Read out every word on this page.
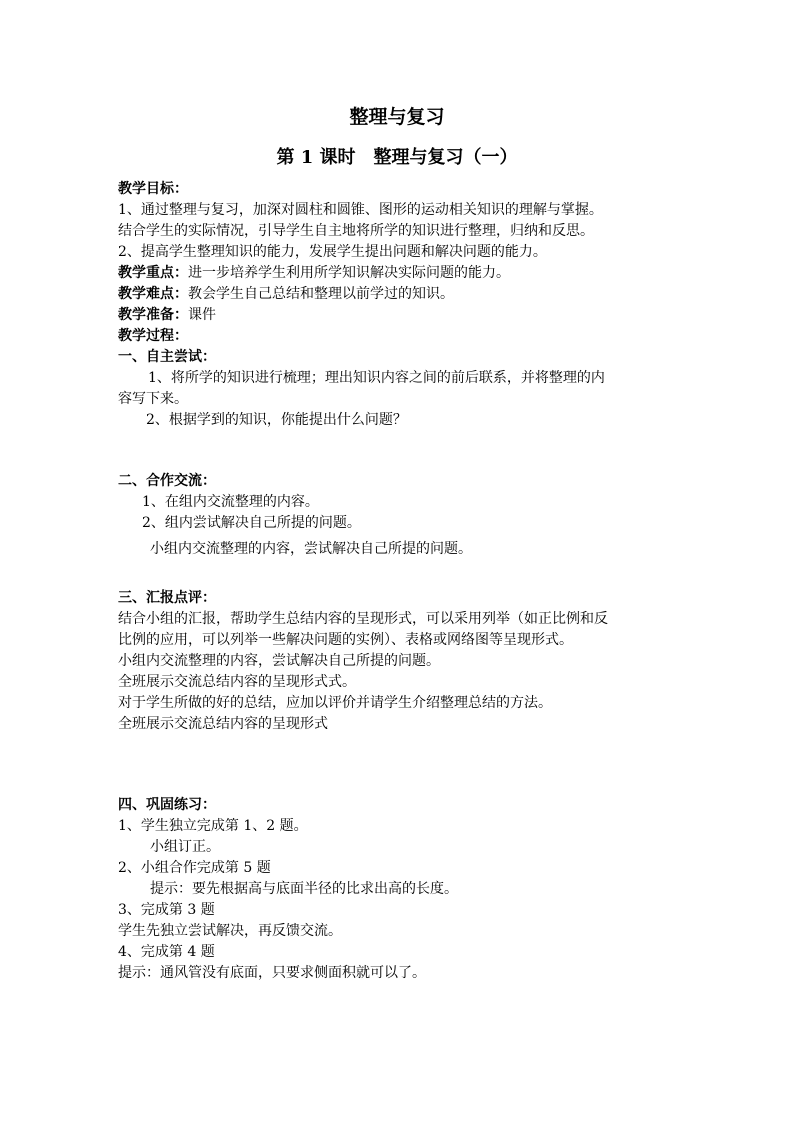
整理与复习
第 1 课时　整理与复习（一）
教学目标：
1、通过整理与复习，加深对圆柱和圆锥、图形的运动相关知识的理解与掌握。
结合学生的实际情况，引导学生自主地将所学的知识进行整理，归纳和反思。
2、提高学生整理知识的能力，发展学生提出问题和解决问题的能力。
教学重点：进一步培养学生利用所学知识解决实际问题的能力。
教学难点：教会学生自己总结和整理以前学过的知识。
教学准备：课件
教学过程：
一、自主尝试：
1、将所学的知识进行梳理；理出知识内容之间的前后联系，并将整理的内
容写下来。
2、根据学到的知识，你能提出什么问题？
二、合作交流：
1、在组内交流整理的内容。
2、组内尝试解决自己所提的问题。
小组内交流整理的内容，尝试解决自己所提的问题。
三、汇报点评：
结合小组的汇报，帮助学生总结内容的呈现形式，可以采用列举（如正比例和反
比例的应用，可以列举一些解决问题的实例）、表格或网络图等呈现形式。
小组内交流整理的内容，尝试解决自己所提的问题。
全班展示交流总结内容的呈现形式式。
对于学生所做的好的总结，应加以评价并请学生介绍整理总结的方法。
全班展示交流总结内容的呈现形式
四、巩固练习：
1、学生独立完成第 1、2 题。
小组订正。
2、小组合作完成第 5 题
提示：要先根据高与底面半径的比求出高的长度。
3、完成第 3 题
学生先独立尝试解决，再反馈交流。
4、完成第 4 题
提示：通风管没有底面，只要求侧面积就可以了。
